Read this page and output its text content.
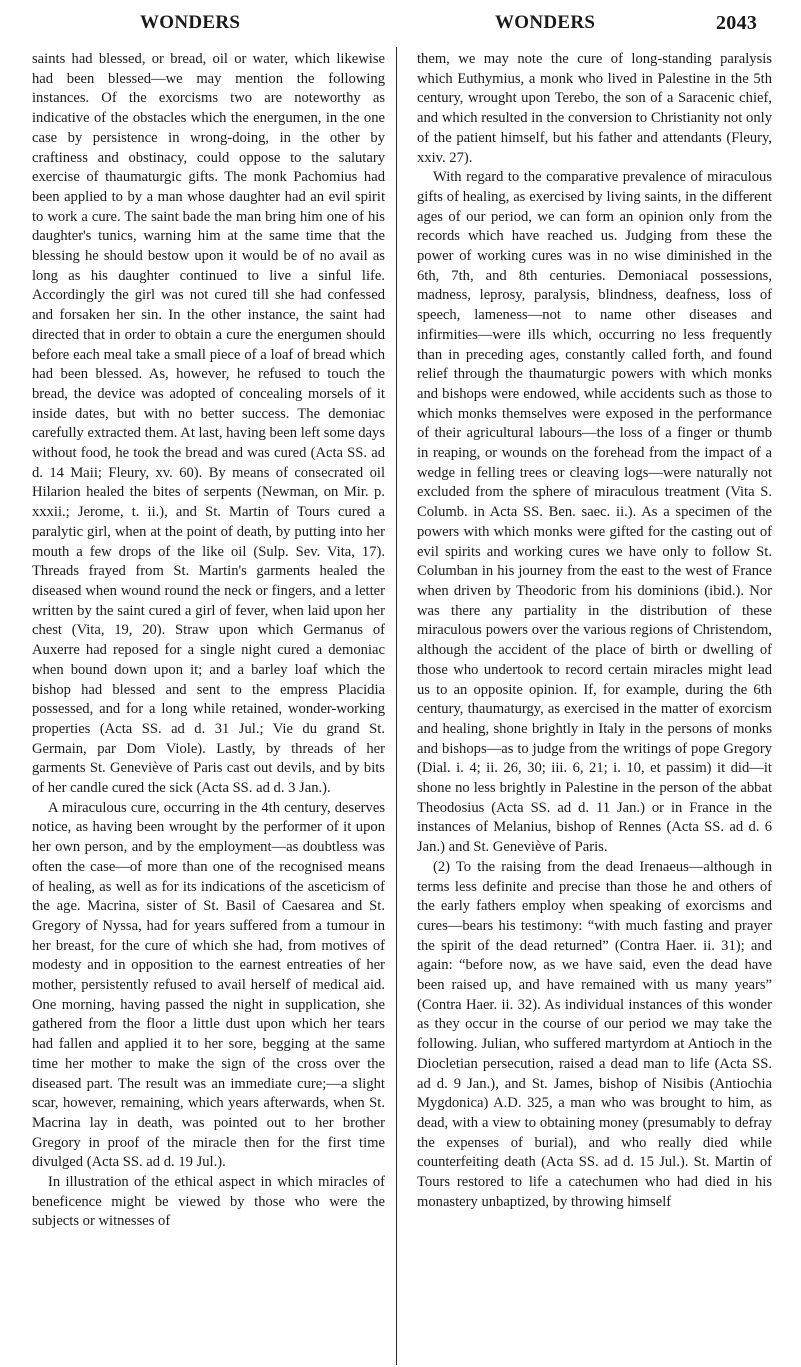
WONDERS	WONDERS	2043

saints had blessed, or bread, oil or water, which likewise had been blessed—we may mention the following instances. Of the exorcisms two are noteworthy as indicative of the obstacles which the energumen, in the one case by persistence in wrong-doing, in the other by craftiness and obstinacy, could oppose to the salutary exercise of thaumaturgic gifts. The monk Pachomius had been applied to by a man whose daughter had an evil spirit to work a cure. The saint bade the man bring him one of his daughter's tunics, warning him at the same time that the blessing he should bestow upon it would be of no avail as long as his daughter continued to live a sinful life. Accordingly the girl was not cured till she had confessed and forsaken her sin. In the other instance, the saint had directed that in order to obtain a cure the energumen should before each meal take a small piece of a loaf of bread which had been blessed. As, however, he refused to touch the bread, the device was adopted of concealing morsels of it inside dates, but with no better success. The demoniac carefully extracted them. At last, having been left some days without food, he took the bread and was cured (Acta SS. ad d. 14 Maii; Fleury, xv. 60). By means of consecrated oil Hilarion healed the bites of serpents (Newman, on Mir. p. xxxii.; Jerome, t. ii.), and St. Martin of Tours cured a paralytic girl, when at the point of death, by putting into her mouth a few drops of the like oil (Sulp. Sev. Vita, 17). Threads frayed from St. Martin's garments healed the diseased when wound round the neck or fingers, and a letter written by the saint cured a girl of fever, when laid upon her chest (Vita, 19, 20). Straw upon which Germanus of Auxerre had reposed for a single night cured a demoniac when bound down upon it; and a barley loaf which the bishop had blessed and sent to the empress Placidia possessed, and for a long while retained, wonder-working properties (Acta SS. ad d. 31 Jul.; Vie du grand St. Germain, par Dom Viole). Lastly, by threads of her garments St. Geneviève of Paris cast out devils, and by bits of her candle cured the sick (Acta SS. ad d. 3 Jan.).

A miraculous cure, occurring in the 4th century, deserves notice, as having been wrought by the performer of it upon her own person, and by the employment—as doubtless was often the case—of more than one of the recognised means of healing, as well as for its indications of the asceticism of the age. Macrina, sister of St. Basil of Caesarea and St. Gregory of Nyssa, had for years suffered from a tumour in her breast, for the cure of which she had, from motives of modesty and in opposition to the earnest entreaties of her mother, persistently refused to avail herself of medical aid. One morning, having passed the night in supplication, she gathered from the floor a little dust upon which her tears had fallen and applied it to her sore, begging at the same time her mother to make the sign of the cross over the diseased part. The result was an immediate cure;—a slight scar, however, remaining, which years afterwards, when St. Macrina lay in death, was pointed out to her brother Gregory in proof of the miracle then for the first time divulged (Acta SS. ad d. 19 Jul.).

In illustration of the ethical aspect in which miracles of beneficence might be viewed by those who were the subjects or witnesses of

them, we may note the cure of long-standing paralysis which Euthymius, a monk who lived in Palestine in the 5th century, wrought upon Terebo, the son of a Saracenic chief, and which resulted in the conversion to Christianity not only of the patient himself, but his father and attendants (Fleury, xxiv. 27).

With regard to the comparative prevalence of miraculous gifts of healing, as exercised by living saints, in the different ages of our period, we can form an opinion only from the records which have reached us. Judging from these the power of working cures was in no wise diminished in the 6th, 7th, and 8th centuries. Demoniacal possessions, madness, leprosy, paralysis, blindness, deafness, loss of speech, lameness—not to name other diseases and infirmities—were ills which, occurring no less frequently than in preceding ages, constantly called forth, and found relief through the thaumaturgic powers with which monks and bishops were endowed, while accidents such as those to which monks themselves were exposed in the performance of their agricultural labours—the loss of a finger or thumb in reaping, or wounds on the forehead from the impact of a wedge in felling trees or cleaving logs—were naturally not excluded from the sphere of miraculous treatment (Vita S. Columb. in Acta SS. Ben. saec. ii.). As a specimen of the powers with which monks were gifted for the casting out of evil spirits and working cures we have only to follow St. Columban in his journey from the east to the west of France when driven by Theodoric from his dominions (ibid.). Nor was there any partiality in the distribution of these miraculous powers over the various regions of Christendom, although the accident of the place of birth or dwelling of those who undertook to record certain miracles might lead us to an opposite opinion. If, for example, during the 6th century, thaumaturgy, as exercised in the matter of exorcism and healing, shone brightly in Italy in the persons of monks and bishops—as to judge from the writings of pope Gregory (Dial. i. 4; ii. 26, 30; iii. 6, 21; i. 10, et passim) it did—it shone no less brightly in Palestine in the person of the abbat Theodosius (Acta SS. ad d. 11 Jan.) or in France in the instances of Melanius, bishop of Rennes (Acta SS. ad d. 6 Jan.) and St. Geneviève of Paris.

(2) To the raising from the dead Irenaeus—although in terms less definite and precise than those he and others of the early fathers employ when speaking of exorcisms and cures—bears his testimony: “with much fasting and prayer the spirit of the dead returned” (Contra Haer. ii. 31); and again: “before now, as we have said, even the dead have been raised up, and have remained with us many years” (Contra Haer. ii. 32). As individual instances of this wonder as they occur in the course of our period we may take the following. Julian, who suffered martyrdom at Antioch in the Diocletian persecution, raised a dead man to life (Acta SS. ad d. 9 Jan.), and St. James, bishop of Nisibis (Antiochia Mygdonica) A.D. 325, a man who was brought to him, as dead, with a view to obtaining money (presumably to defray the expenses of burial), and who really died while counterfeiting death (Acta SS. ad d. 15 Jul.). St. Martin of Tours restored to life a catechumen who had died in his monastery unbaptized, by throwing himself
